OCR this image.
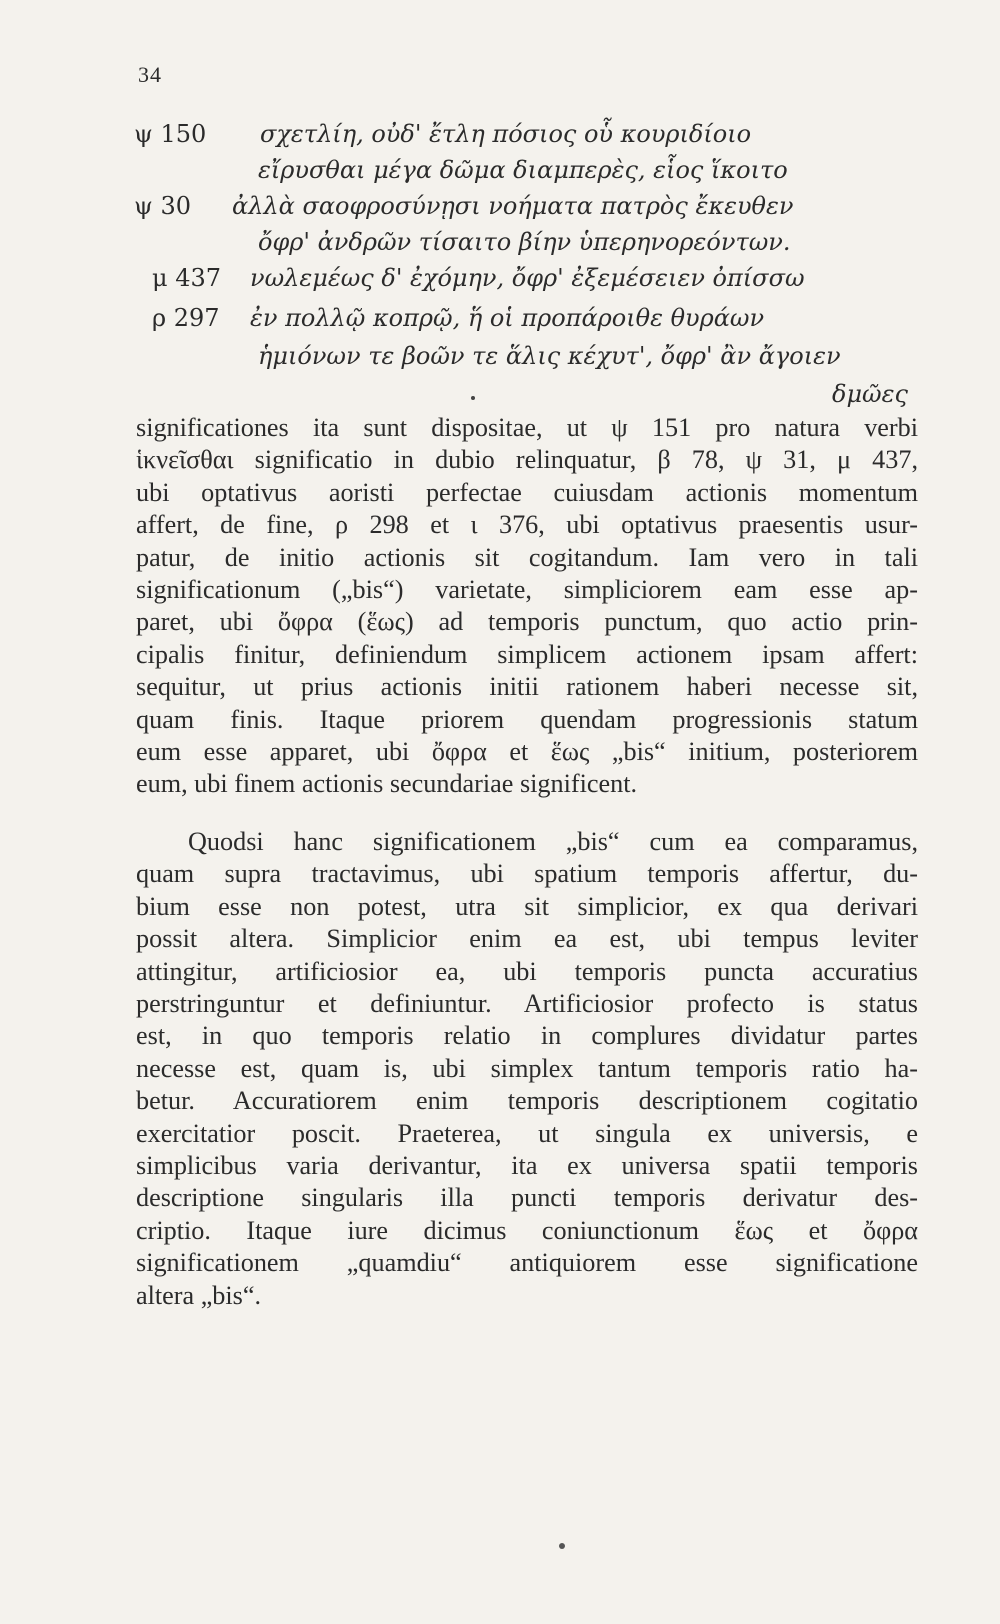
34
ψ 150 σχετλίη, οὐδ' ἔτλη πόσιος οὗ κουριδίοιο
εἴρυσθαι μέγα δῶμα διαμπερὲς, εἷος ἵκοιτο
ψ 30 ἀλλὰ σαοφροσύνῃσι νοήματα πατρὸς ἔκευθεν
ὄφρ' ἀνδρῶν τίσαιτο βίην ὑπερηνορεόντων.
μ 437 νωλεμέως δ' ἐχόμην, ὄφρ' ἐξεμέσειεν ὀπίσσω
ρ 297 ἐν πολλῷ κοπρῷ, ἥ οἱ προπάροιθε θυράων
ἡμιόνων τε βοῶν τε ἅλις κέχυτ', ὄφρ' ἂν ἄγοιεν
δμῶες
significationes ita sunt dispositae, ut ψ 151 pro natura verbi
ἱκνεῖσθαι significatio in dubio relinquatur, β 78, ψ 31, μ 437,
ubi optativus aoristi perfectae cuiusdam actionis momentum
affert, de fine, ρ 298 et ι 376, ubi optativus praesentis usur-
patur, de initio actionis sit cogitandum. Iam vero in tali
significationum („bis“) varietate, simpliciorem eam esse ap-
paret, ubi ὄφρα (ἕως) ad temporis punctum, quo actio prin-
cipalis finitur, definiendum simplicem actionem ipsam affert:
sequitur, ut prius actionis initii rationem haberi necesse sit,
quam finis. Itaque priorem quendam progressionis statum
eum esse apparet, ubi ὄφρα et ἕως „bis“ initium, posteriorem
eum, ubi finem actionis secundariae significent.
Quodsi hanc significationem „bis“ cum ea comparamus,
quam supra tractavimus, ubi spatium temporis affertur, du-
bium esse non potest, utra sit simplicior, ex qua derivari
possit altera. Simplicior enim ea est, ubi tempus leviter
attingitur, artificiosior ea, ubi temporis puncta accuratius
perstringuntur et definiuntur. Artificiosior profecto is status
est, in quo temporis relatio in complures dividatur partes
necesse est, quam is, ubi simplex tantum temporis ratio ha-
betur. Accuratiorem enim temporis descriptionem cogitatio
exercitatior poscit. Praeterea, ut singula ex universis, e
simplicibus varia derivantur, ita ex universa spatii temporis
descriptione singularis illa puncti temporis derivatur des-
criptio. Itaque iure dicimus coniunctionum ἕως et ὄφρα
significationem „quamdiu“ antiquiorem esse significatione
altera „bis“.
